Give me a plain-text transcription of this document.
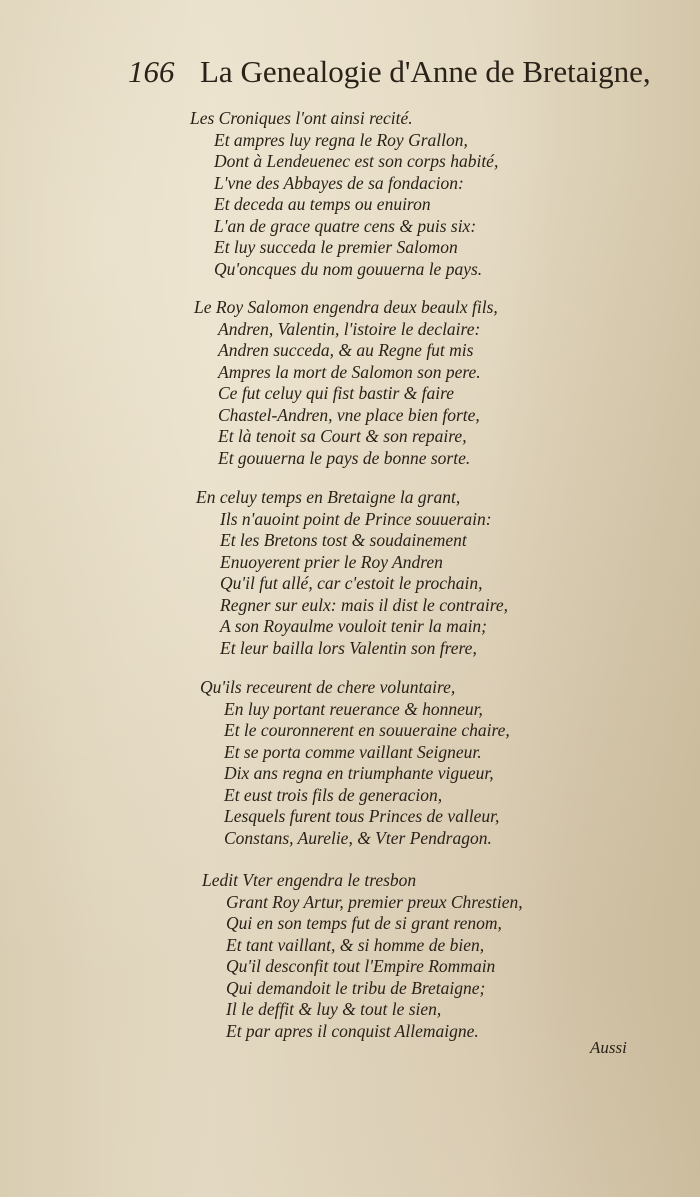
166 La Genealogie d'Anne de Bretaigne,
Les Croniques l'ont ainsi recité.
Et ampres luy regna le Roy Grallon,
Dont à Lendeuenec est son corps habité,
L'vne des Abbayes de sa fondacion:
Et deceda au temps ou enuiron
L'an de grace quatre cens & puis six:
Et luy succeda le premier Salomon
Qu'oncques du nom gouuerna le pays.
Le Roy Salomon engendra deux beaulx fils,
Andren, Valentin, l'istoire le declaire:
Andren succeda, & au Regne fut mis
Ampres la mort de Salomon son pere.
Ce fut celuy qui fist bastir & faire
Chastel-Andren, vne place bien forte,
Et là tenoit sa Court & son repaire,
Et gouuerna le pays de bonne sorte.
En celuy temps en Bretaigne la grant,
Ils n'auoint point de Prince souuerain:
Et les Bretons tost & soudainement
Enuoyerent prier le Roy Andren
Qu'il fut allé, car c'estoit le prochain,
Regner sur eulx: mais il dist le contraire,
A son Royaulme vouloit tenir la main;
Et leur bailla lors Valentin son frere,
Qu'ils receurent de chere voluntaire,
En luy portant reuerance & honneur,
Et le couronnerent en souueraine chaire,
Et se porta comme vaillant Seigneur.
Dix ans regna en triumphante vigueur,
Et eust trois fils de generacion,
Lesquels furent tous Princes de valleur,
Constans, Aurelie, & Vter Pendragon.
Ledit Vter engendra le tresbon
Grant Roy Artur, premier preux Chrestien,
Qui en son temps fut de si grant renom,
Et tant vaillant, & si homme de bien,
Qu'il desconfit tout l'Empire Rommain
Qui demandoit le tribu de Bretaigne;
Il le deffit & luy & tout le sien,
Et par apres il conquist Allemaigne.
Aussi
